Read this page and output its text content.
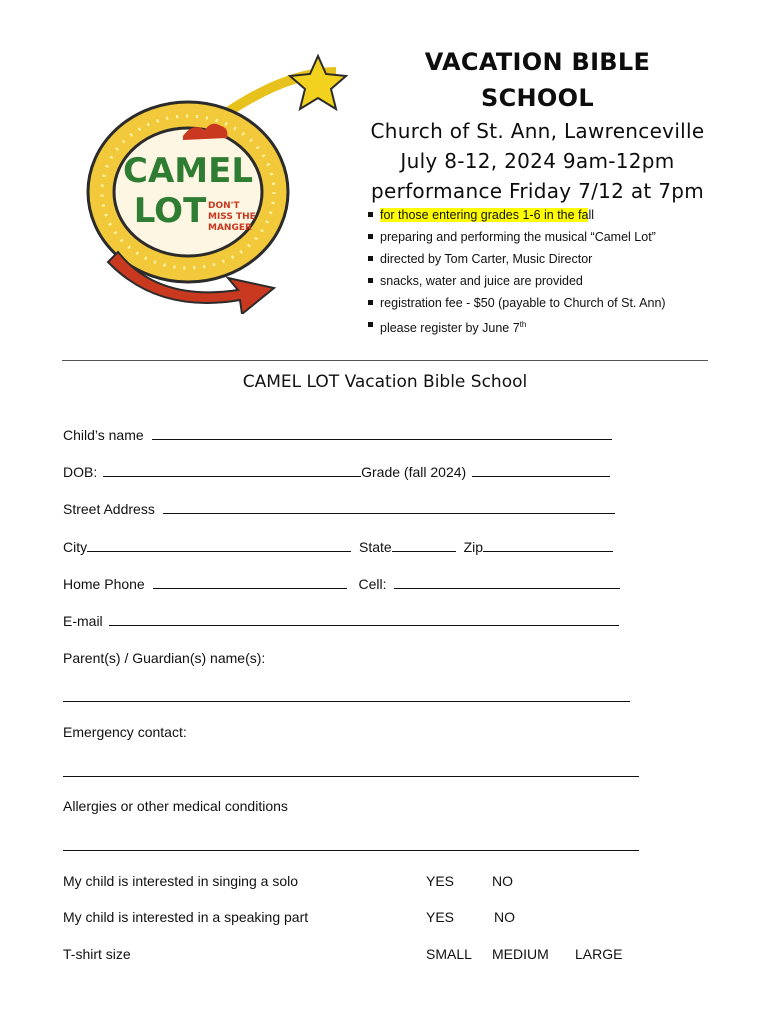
CAMEL
LOT DON'T
MISS THE
MANGER
VACATION BIBLE SCHOOL
Church of St. Ann, Lawrenceville
July 8-12, 2024 9am-12pm
performance Friday 7/12 at 7pm
for those entering grades 1-6 in the fall
preparing and performing the musical “Camel Lot”
directed by Tom Carter, Music Director
snacks, water and juice are provided
registration fee - $50 (payable to Church of St. Ann)
please register by June 7th
CAMEL LOT Vacation Bible School
Child’s name
DOB:	Grade (fall 2024)
Street Address
City	State	Zip
Home Phone	Cell:
E-mail
Parent(s) / Guardian(s) name(s):
Emergency contact:
Allergies or other medical conditions
My child is interested in singing a solo	YES	NO
My child is interested in a speaking part	YES	NO
T-shirt size	SMALL MEDIUM LARGE
